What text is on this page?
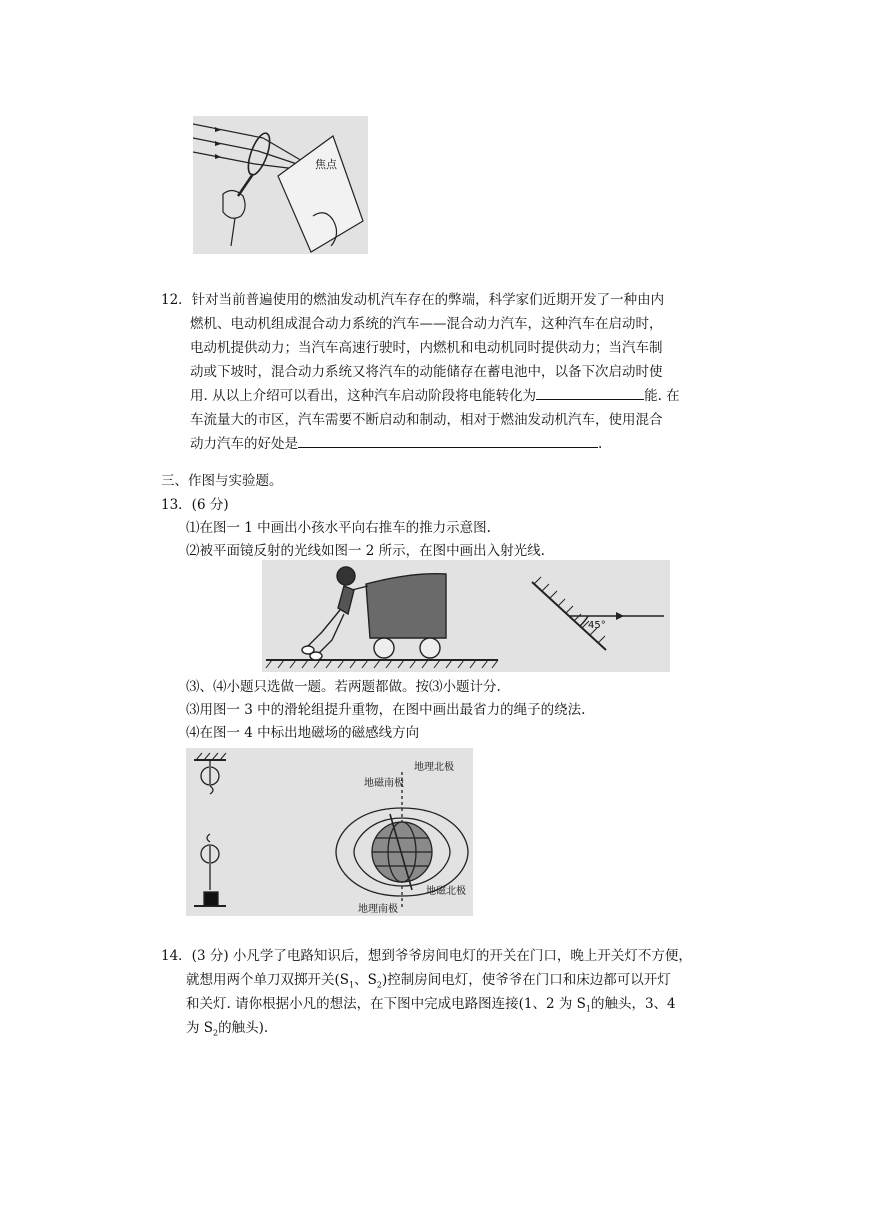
焦点
12．针对当前普遍使用的燃油发动机汽车存在的弊端，科学家们近期开发了一种由内
燃机、电动机组成混合动力系统的汽车——混合动力汽车，这种汽车在启动时，
电动机提供动力；当汽车高速行驶时，内燃机和电动机同时提供动力；当汽车制
动或下坡时，混合动力系统又将汽车的动能储存在蓄电池中，以备下次启动时使
用. 从以上介绍可以看出，这种汽车启动阶段将电能转化为	能. 在
车流量大的市区，汽车需要不断启动和制动，相对于燃油发动机汽车，使用混合
动力汽车的好处是	.
三、作图与实验题。
13．(6 分)
⑴在图一 1 中画出小孩水平向右推车的推力示意图.
⑵被平面镜反射的光线如图一 2 所示，在图中画出入射光线.
45°
⑶、⑷小题只选做一题。若两题都做。按⑶小题计分.
⑶用图一 3 中的滑轮组提升重物，在图中画出最省力的绳子的绕法.
⑷在图一 4 中标出地磁场的磁感线方向
地理北极
地磁南极
地磁北极
地理南极
14．(3 分) 小凡学了电路知识后，想到爷爷房间电灯的开关在门口，晚上开关灯不方便，
就想用两个单刀双掷开关($S_1$、$S_2$)控制房间电灯，使爷爷在门口和床边都可以开灯
和关灯. 请你根据小凡的想法，在下图中完成电路图连接(1、2 为 $S_1$的触头，3、4
为 $S_2$的触头).
